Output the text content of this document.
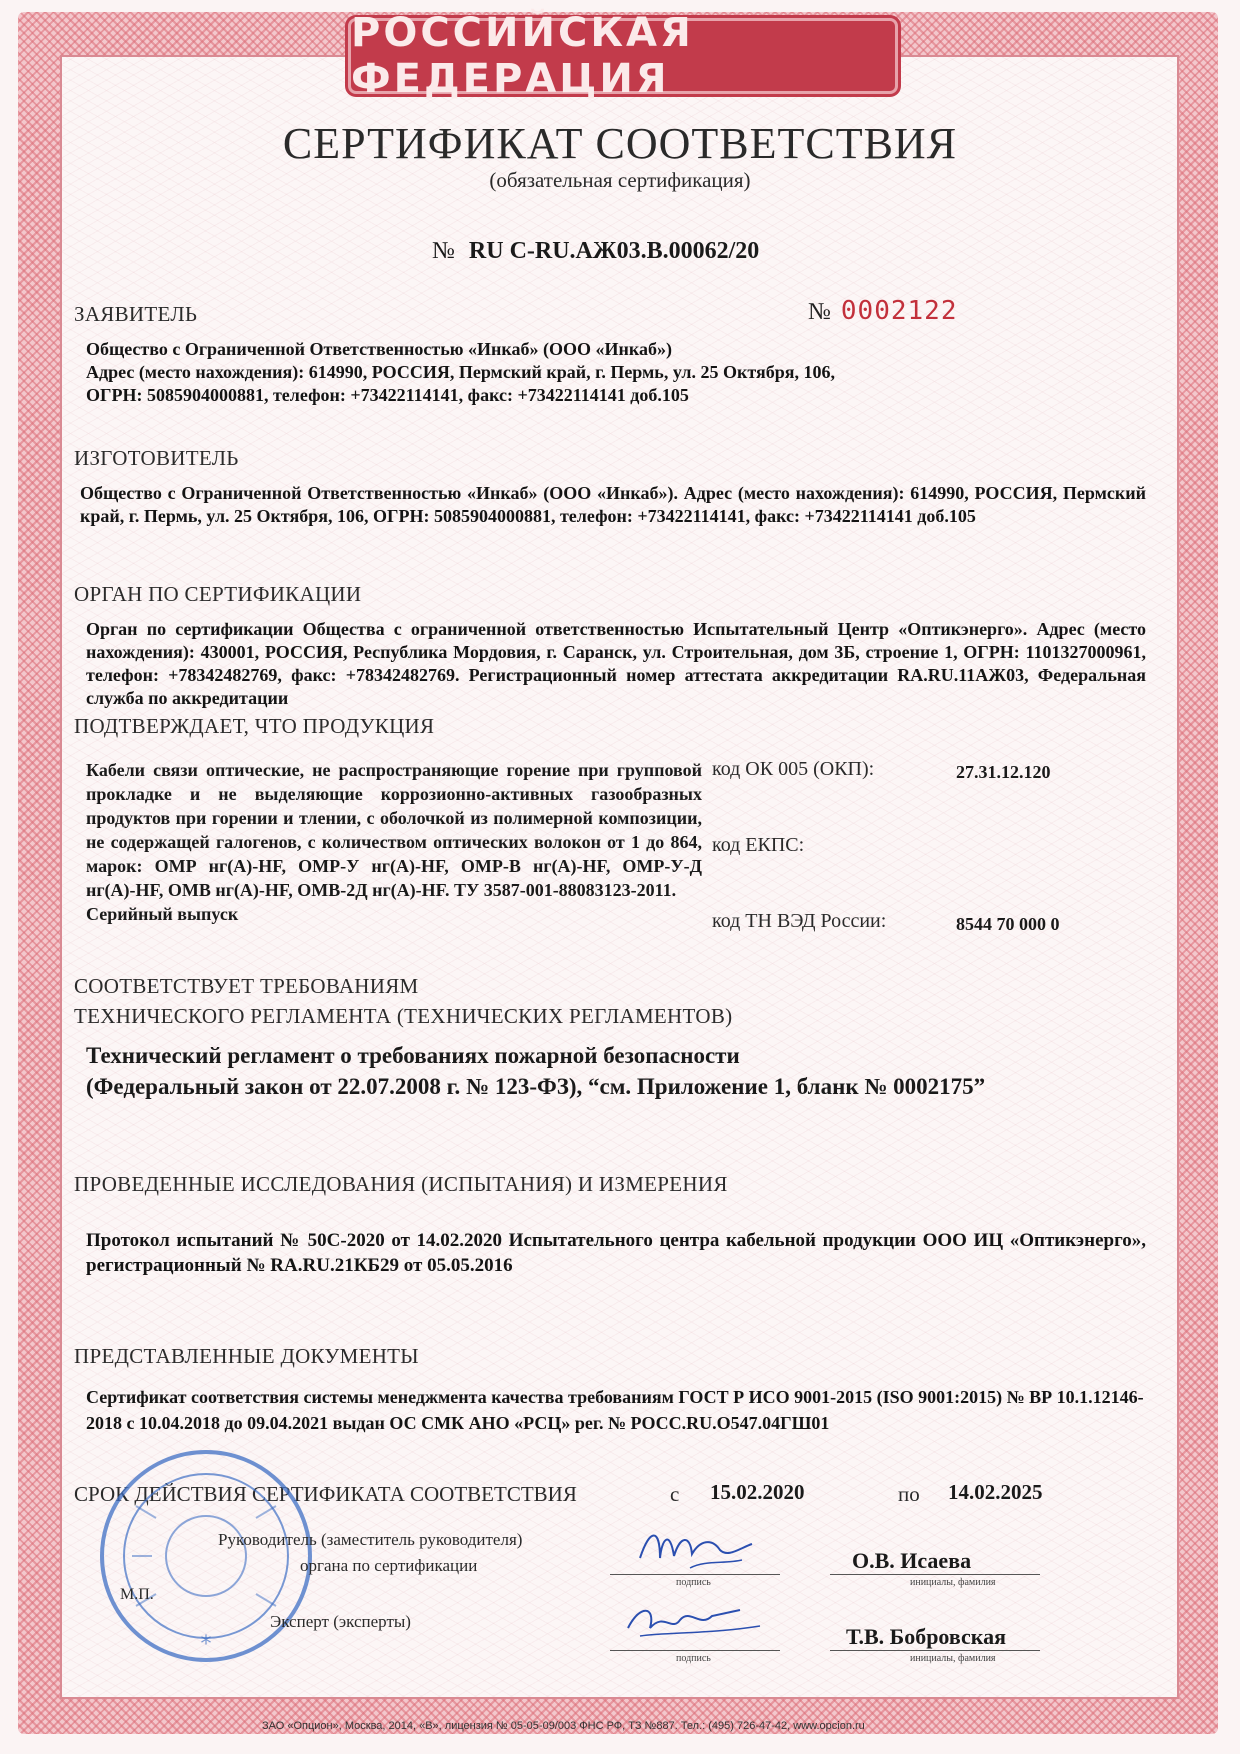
РОССИЙСКАЯ ФЕДЕРАЦИЯ
СЕРТИФИКАТ СООТВЕТСТВИЯ
(обязательная сертификация)
№ RU C-RU.АЖ03.В.00062/20
ЗАЯВИТЕЛЬ	№ 0002122
Общество с Ограниченной Ответственностью «Инкаб» (ООО «Инкаб»)
Адрес (место нахождения): 614990, РОССИЯ, Пермский край, г. Пермь, ул. 25 Октября, 106,
ОГРН: 5085904000881, телефон: +73422114141, факс: +73422114141 доб.105
ИЗГОТОВИТЕЛЬ
Общество с Ограниченной Ответственностью «Инкаб» (ООО «Инкаб»). Адрес (место нахождения): 614990, РОССИЯ, Пермский край, г. Пермь, ул. 25 Октября, 106, ОГРН: 5085904000881, телефон: +73422114141, факс: +73422114141 доб.105
ОРГАН ПО СЕРТИФИКАЦИИ
Орган по сертификации Общества с ограниченной ответственностью Испытательный Центр «Оптикэнерго». Адрес (место нахождения): 430001, РОССИЯ, Республика Мордовия, г. Саранск, ул. Строительная, дом 3Б, строение 1, ОГРН: 1101327000961, телефон: +78342482769, факс: +78342482769. Регистрационный номер аттестата аккредитации RA.RU.11АЖ03, Федеральная служба по аккредитации
ПОДТВЕРЖДАЕТ, ЧТО ПРОДУКЦИЯ
Кабели связи оптические, не распространяющие горение при групповой прокладке и не выделяющие коррозионно-активных газообразных продуктов при горении и тлении, с оболочкой из полимерной композиции, не содержащей галогенов, с количеством оптических волокон от 1 до 864, марок: ОМР нг(А)-HF, ОМР-У нг(А)-HF, ОМР-В нг(А)-HF, ОМР-У-Д нг(А)-HF, ОМВ нг(А)-HF, ОМВ-2Д нг(А)-HF. ТУ 3587-001-88083123-2011.
Серийный выпуск
код ОК 005 (ОКП):	27.31.12.120
код ЕКПС:
код ТН ВЭД России:	8544 70 000 0
СООТВЕТСТВУЕТ ТРЕБОВАНИЯМ
ТЕХНИЧЕСКОГО РЕГЛАМЕНТА (ТЕХНИЧЕСКИХ РЕГЛАМЕНТОВ)
Технический регламент о требованиях пожарной безопасности
(Федеральный закон от 22.07.2008 г. № 123-ФЗ), “см. Приложение 1, бланк № 0002175”
ПРОВЕДЕННЫЕ ИССЛЕДОВАНИЯ (ИСПЫТАНИЯ) И ИЗМЕРЕНИЯ
Протокол испытаний № 50С-2020 от 14.02.2020 Испытательного центра кабельной продукции ООО ИЦ «Оптикэнерго», регистрационный № RA.RU.21КБ29 от 05.05.2016
ПРЕДСТАВЛЕННЫЕ ДОКУМЕНТЫ
Сертификат соответствия системы менеджмента качества требованиям ГОСТ Р ИСО 9001-2015 (ISO 9001:2015) № ВР 10.1.12146-2018 с 10.04.2018 до 09.04.2021 выдан ОС СМК АНО «РСЦ» рег. № РОСС.RU.О547.04ГШ01
СРОК ДЕЙСТВИЯ СЕРТИФИКАТА СООТВЕТСТВИЯ	с 15.02.2020	по 14.02.2025
*
Руководитель (заместитель руководителя)
органа по сертификации
М.П.
подпись
О.В. Исаева
инициалы, фамилия
Эксперт (эксперты)
подпись
Т.В. Бобровская
инициалы, фамилия
ЗАО «Опцион», Москва, 2014, «В», лицензия № 05-05-09/003 ФНС РФ, ТЗ №887. Тел.: (495) 726-47-42, www.opcion.ru
